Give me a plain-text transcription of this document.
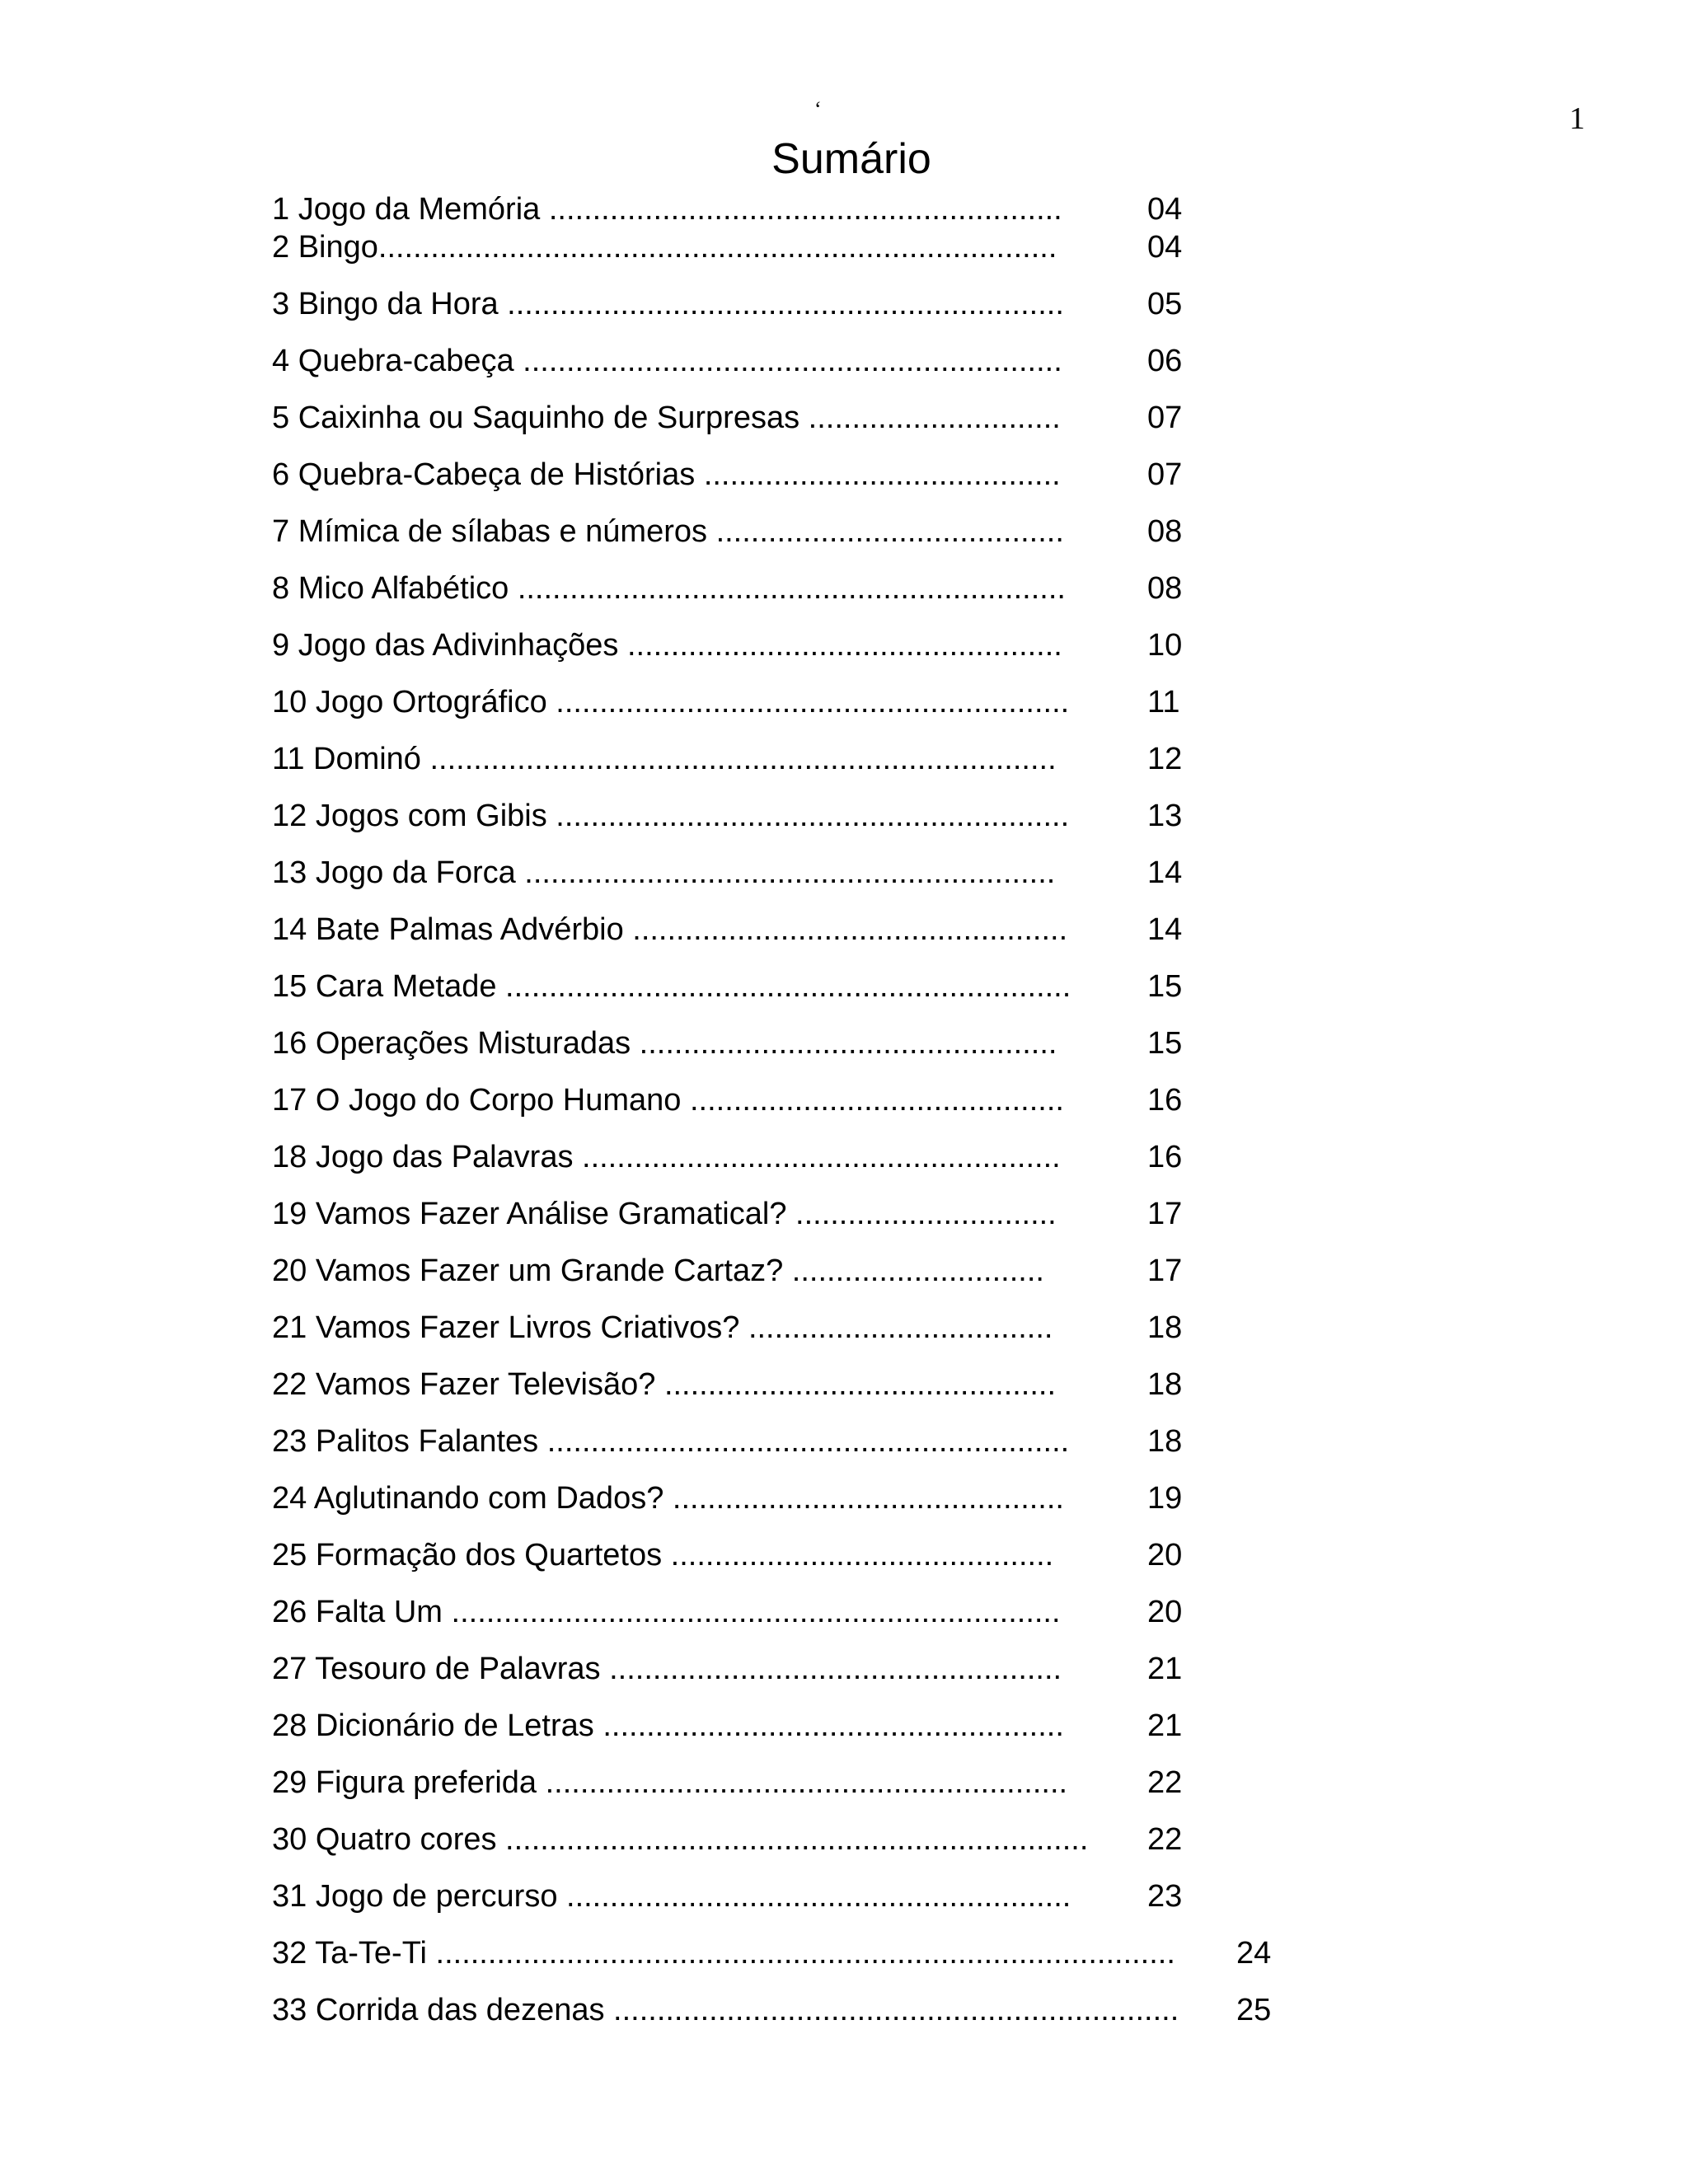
‘	1
Sumário
1 Jogo da Memória ...........................................................	04
2 Bingo..............................................................................	04
3 Bingo da Hora ................................................................	05
4 Quebra-cabeça ..............................................................	06
5 Caixinha ou Saquinho de Surpresas .............................	07
6 Quebra-Cabeça de Histórias .........................................	07
7 Mímica de sílabas e números ........................................	08
8 Mico Alfabético ...............................................................	08
9 Jogo das Adivinhações ..................................................	10
10 Jogo Ortográfico ...........................................................	11
11 Dominó ........................................................................	12
12 Jogos com Gibis ...........................................................	13
13 Jogo da Forca .............................................................	14
14 Bate Palmas Advérbio ..................................................	14
15 Cara Metade .................................................................	15
16 Operações Misturadas ................................................	15
17 O Jogo do Corpo Humano ...........................................	16
18 Jogo das Palavras .......................................................	16
19 Vamos Fazer Análise Gramatical? ..............................	17
20 Vamos Fazer um Grande Cartaz? .............................	17
21 Vamos Fazer Livros Criativos? ...................................	18
22 Vamos Fazer Televisão? .............................................	18
23 Palitos Falantes ............................................................	18
24 Aglutinando com Dados? .............................................	19
25 Formação dos Quartetos ............................................	20
26 Falta Um ......................................................................	20
27 Tesouro de Palavras ....................................................	21
28 Dicionário de Letras .....................................................	21
29 Figura preferida ............................................................	22
30 Quatro cores ...................................................................	22
31 Jogo de percurso ..........................................................	23
32 Ta-Te-Ti .....................................................................................	24
33 Corrida das dezenas .................................................................	25
